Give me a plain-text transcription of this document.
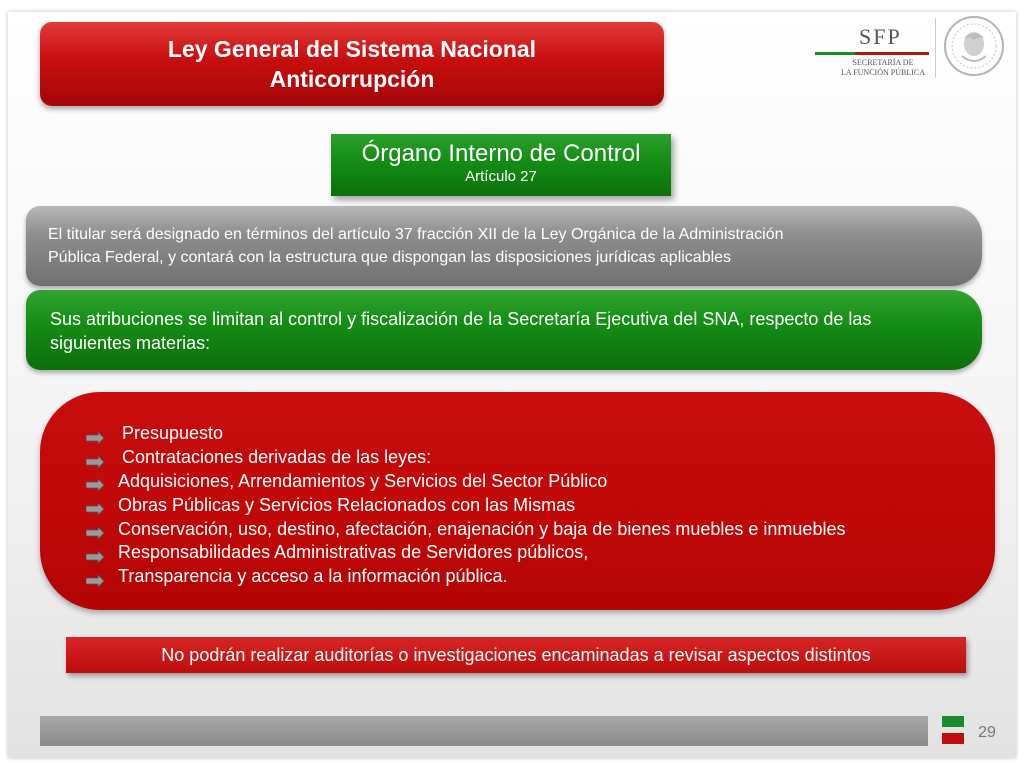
Ley General del Sistema Nacional
Anticorrupción
SFP
SECRETARÍA DE
LA FUNCIÓN PÚBLICA
Órgano Interno de Control
Artículo 27
El titular será designado en términos del artículo 37 fracción XII de la Ley Orgánica de la Administración
Pública Federal, y contará con la estructura que dispongan las disposiciones jurídicas aplicables
Sus atribuciones se limitan al control y fiscalización de la Secretaría Ejecutiva del SNA, respecto de las
siguientes materias:
Presupuesto
Contrataciones derivadas de las leyes:
Adquisiciones, Arrendamientos y Servicios del Sector Público
Obras Públicas y Servicios Relacionados con las Mismas
Conservación, uso, destino, afectación, enajenación y baja de bienes muebles e inmuebles
Responsabilidades Administrativas de Servidores públicos,
Transparencia y acceso a la información pública.
No podrán realizar auditorías o investigaciones encaminadas a revisar aspectos distintos
29
